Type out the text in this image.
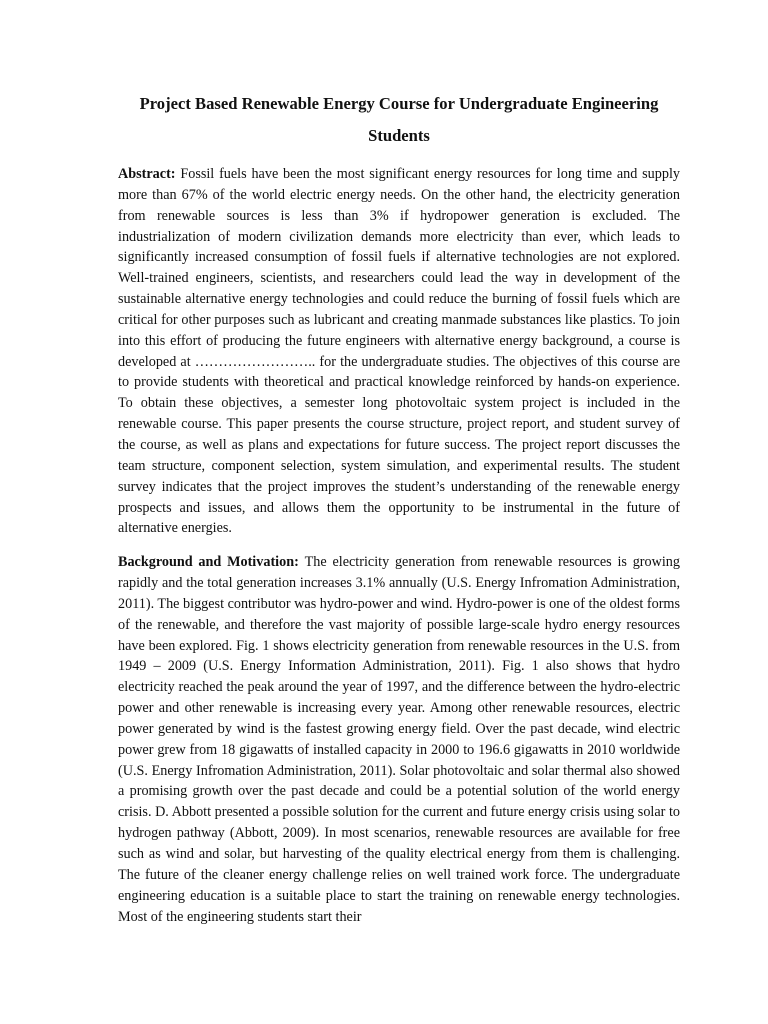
Project Based Renewable Energy Course for Undergraduate Engineering
Students

Abstract: Fossil fuels have been the most significant energy resources for long time and supply more than 67% of the world electric energy needs. On the other hand, the electricity generation from renewable sources is less than 3% if hydropower generation is excluded. The industrialization of modern civilization demands more electricity than ever, which leads to significantly increased consumption of fossil fuels if alternative technologies are not explored. Well-trained engineers, scientists, and researchers could lead the way in development of the sustainable alternative energy technologies and could reduce the burning of fossil fuels which are critical for other purposes such as lubricant and creating manmade substances like plastics. To join into this effort of producing the future engineers with alternative energy background, a course is developed at …………………….. for the undergraduate studies. The objectives of this course are to provide students with theoretical and practical knowledge reinforced by hands-on experience. To obtain these objectives, a semester long photovoltaic system project is included in the renewable course. This paper presents the course structure, project report, and student survey of the course, as well as plans and expectations for future success. The project report discusses the team structure, component selection, system simulation, and experimental results. The student survey indicates that the project improves the student’s understanding of the renewable energy prospects and issues, and allows them the opportunity to be instrumental in the future of alternative energies.

Background and Motivation: The electricity generation from renewable resources is growing rapidly and the total generation increases 3.1% annually (U.S. Energy Infromation Administration, 2011). The biggest contributor was hydro-power and wind. Hydro-power is one of the oldest forms of the renewable, and therefore the vast majority of possible large-scale hydro energy resources have been explored. Fig. 1 shows electricity generation from renewable resources in the U.S. from 1949 – 2009 (U.S. Energy Information Administration, 2011). Fig. 1 also shows that hydro electricity reached the peak around the year of 1997, and the difference between the hydro-electric power and other renewable is increasing every year. Among other renewable resources, electric power generated by wind is the fastest growing energy field. Over the past decade, wind electric power grew from 18 gigawatts of installed capacity in 2000 to 196.6 gigawatts in 2010 worldwide (U.S. Energy Infromation Administration, 2011). Solar photovoltaic and solar thermal also showed a promising growth over the past decade and could be a potential solution of the world energy crisis. D. Abbott presented a possible solution for the current and future energy crisis using solar to hydrogen pathway (Abbott, 2009). In most scenarios, renewable resources are available for free such as wind and solar, but harvesting of the quality electrical energy from them is challenging. The future of the cleaner energy challenge relies on well trained work force. The undergraduate engineering education is a suitable place to start the training on renewable energy technologies. Most of the engineering students start their
